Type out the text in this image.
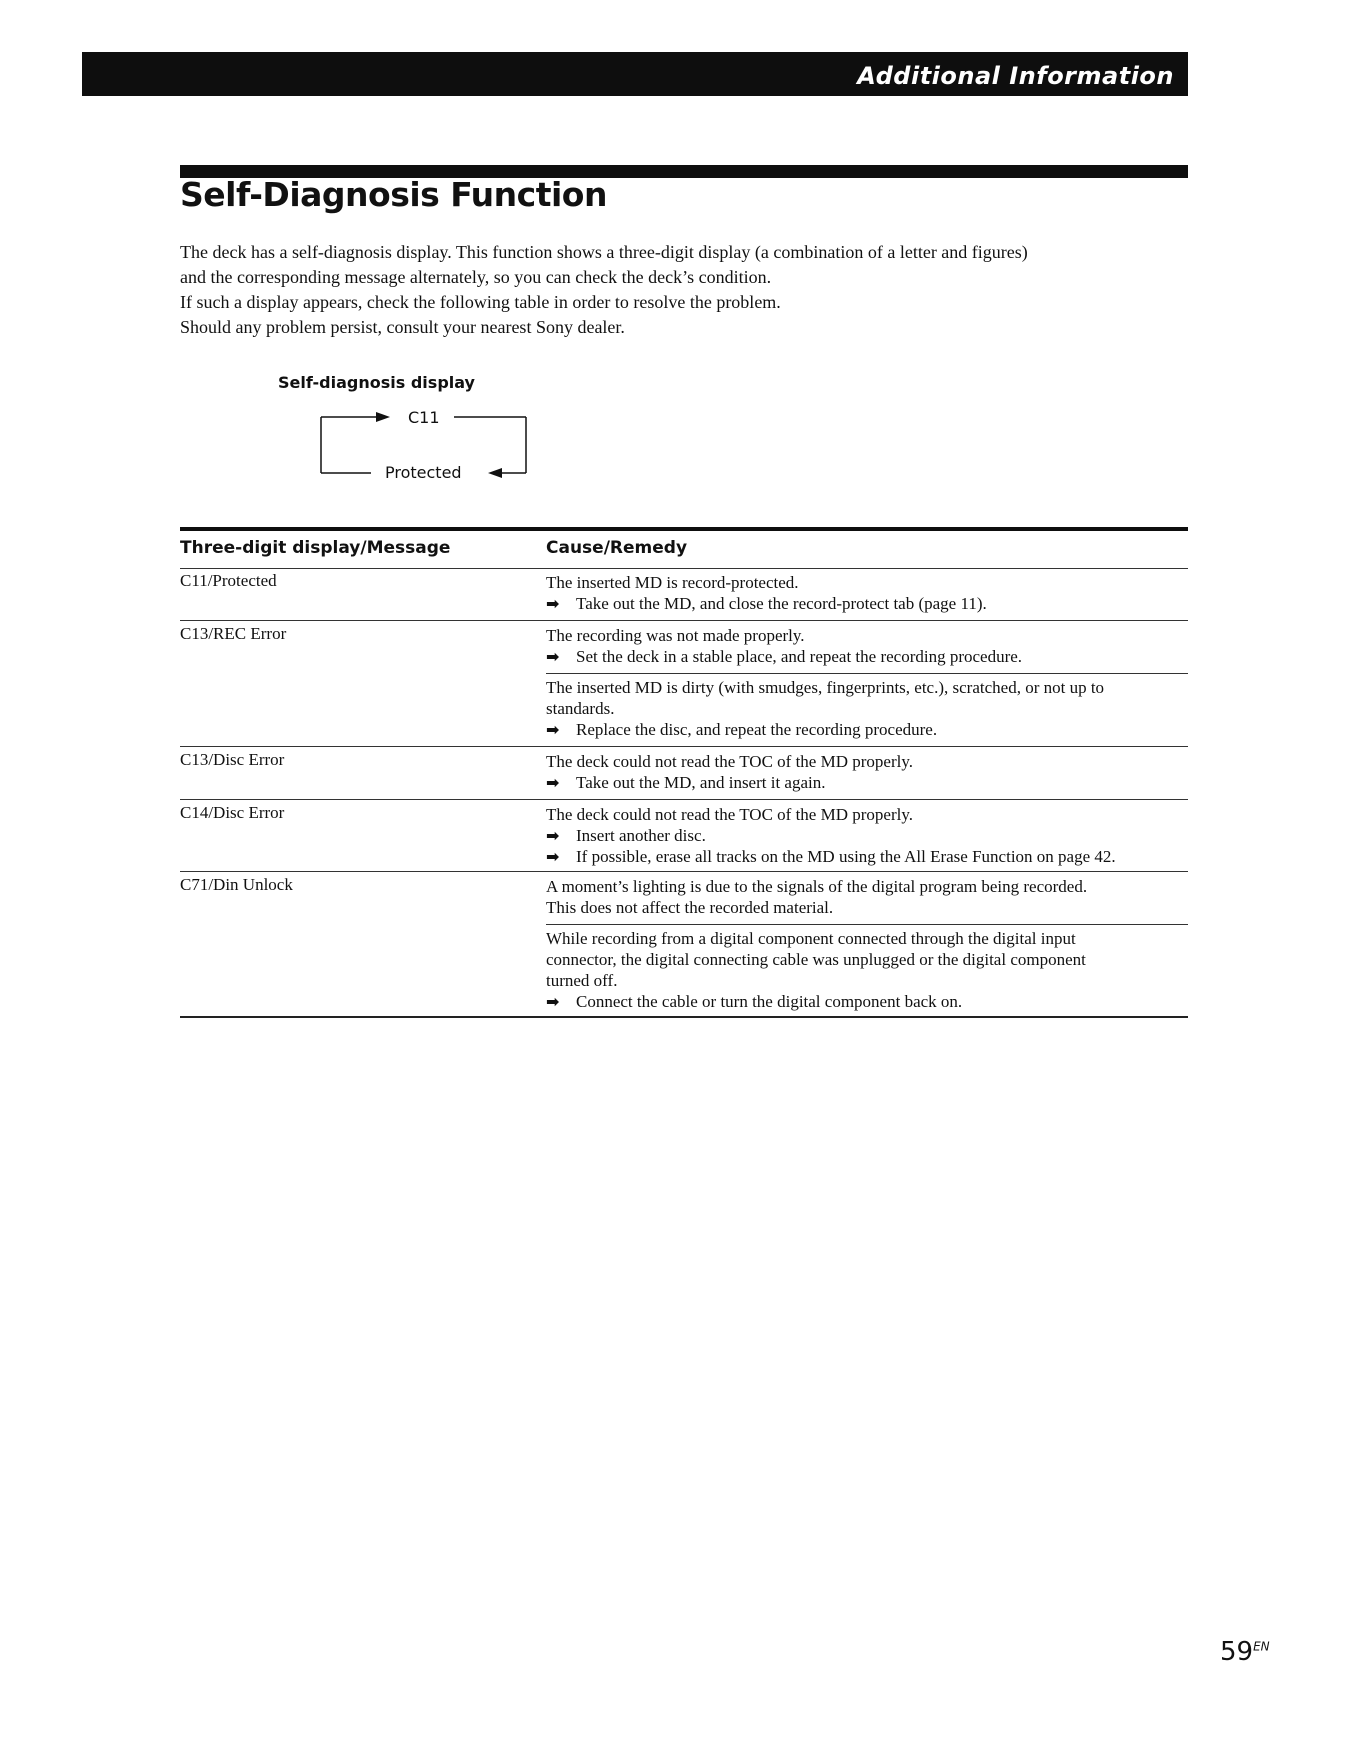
Additional Information
Self-Diagnosis Function

The deck has a self-diagnosis display. This function shows a three-digit display (a combination of a letter and figures)

and the corresponding message alternately, so you can check the deck’s condition.

If such a display appears, check the following table in order to resolve the problem.

Should any problem persist, consult your nearest Sony dealer.

Self-diagnosis display
C11
Protected
Three-digit display/Message	Cause/Remedy
C11/Protected	The inserted MD is record-protected.

➡ Take out the MD, and close the record-protect tab (page 11).

C13/REC Error	The recording was not made properly.

➡ Set the deck in a stable place, and repeat the recording procedure.

The inserted MD is dirty (with smudges, fingerprints, etc.), scratched, or not up to

standards.

➡ Replace the disc, and repeat the recording procedure.

C13/Disc Error	The deck could not read the TOC of the MD properly.

➡ Take out the MD, and insert it again.

C14/Disc Error	The deck could not read the TOC of the MD properly.

➡ Insert another disc.

➡ If possible, erase all tracks on the MD using the All Erase Function on page 42.

C71/Din Unlock	A moment’s lighting is due to the signals of the digital program being recorded.

This does not affect the recorded material.

While recording from a digital component connected through the digital input

connector, the digital connecting cable was unplugged or the digital component

turned off.

➡ Connect the cable or turn the digital component back on.

$59^{EN}$
